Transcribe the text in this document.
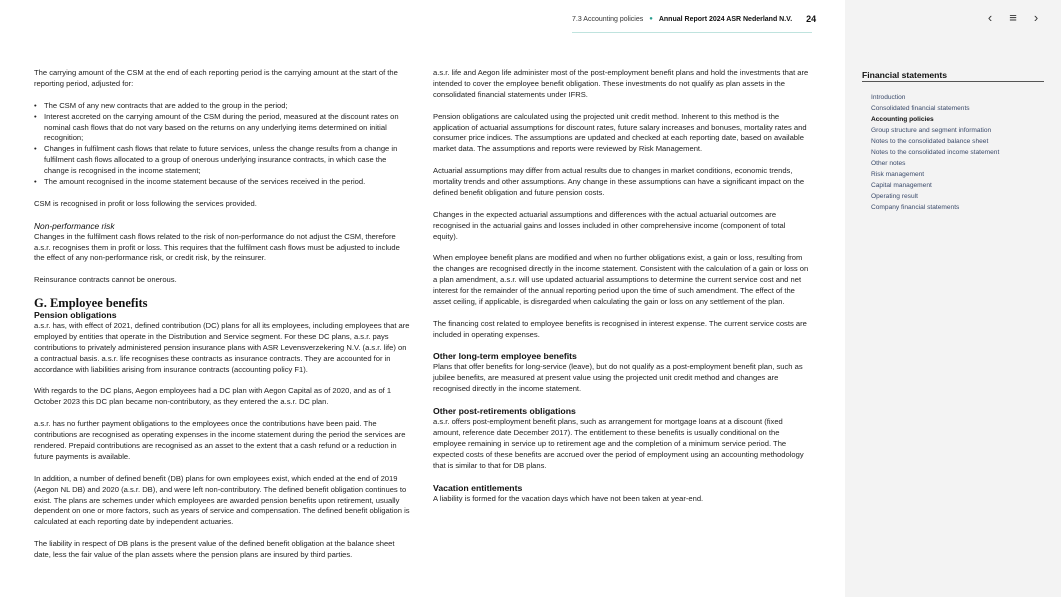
7.3 Accounting policies ● Annual Report 2024 ASR Nederland N.V. 24

The carrying amount of the CSM at the end of each reporting period is the carrying amount at the start of the reporting period, adjusted for:

• The CSM of any new contracts that are added to the group in the period;
• Interest accreted on the carrying amount of the CSM during the period, measured at the discount rates on nominal cash flows that do not vary based on the returns on any underlying items determined on initial recognition;
• Changes in fulfilment cash flows that relate to future services, unless the change results from a change in fulfilment cash flows allocated to a group of onerous underlying insurance contracts, in which case the change is recognised in the income statement;
• The amount recognised in the income statement because of the services received in the period.

CSM is recognised in profit or loss following the services provided.

Non-performance risk

Changes in the fulfilment cash flows related to the risk of non-performance do not adjust the CSM, therefore a.s.r. recognises them in profit or loss. This requires that the fulfilment cash flows must be adjusted to include the effect of any non-performance risk, or credit risk, by the reinsurer.

Reinsurance contracts cannot be onerous.

G. Employee benefits
Pension obligations

a.s.r. has, with effect of 2021, defined contribution (DC) plans for all its employees, including employees that are employed by entities that operate in the Distribution and Service segment. For these DC plans, a.s.r. pays contributions to privately administered pension insurance plans with ASR Levensverzekering N.V. (a.s.r. life) on a contractual basis. a.s.r. life recognises these contracts as insurance contracts. They are accounted for in accordance with liabilities arising from insurance contracts (accounting policy F1).

With regards to the DC plans, Aegon employees had a DC plan with Aegon Capital as of 2020, and as of 1 October 2023 this DC plan became non-contributory, as they entered the a.s.r. DC plan.

a.s.r. has no further payment obligations to the employees once the contributions have been paid. The contributions are recognised as operating expenses in the income statement during the period the services are rendered. Prepaid contributions are recognised as an asset to the extent that a cash refund or a reduction in future payments is available.

In addition, a number of defined benefit (DB) plans for own employees exist, which ended at the end of 2019 (Aegon NL DB) and 2020 (a.s.r. DB), and were left non-contributory. The defined benefit obligation continues to exist. The plans are schemes under which employees are awarded pension benefits upon retirement, usually dependent on one or more factors, such as years of service and compensation. The defined benefit obligation is calculated at each reporting date by independent actuaries.

The liability in respect of DB plans is the present value of the defined benefit obligation at the balance sheet date, less the fair value of the plan assets where the pension plans are insured by third parties.

a.s.r. life and Aegon life administer most of the post-employment benefit plans and hold the investments that are intended to cover the employee benefit obligation. These investments do not qualify as plan assets in the consolidated financial statements under IFRS.

Pension obligations are calculated using the projected unit credit method. Inherent to this method is the application of actuarial assumptions for discount rates, future salary increases and bonuses, mortality rates and consumer price indices. The assumptions are updated and checked at each reporting date, based on available market data. The assumptions and reports were reviewed by Risk Management.

Actuarial assumptions may differ from actual results due to changes in market conditions, economic trends, mortality trends and other assumptions. Any change in these assumptions can have a significant impact on the defined benefit obligation and future pension costs.

Changes in the expected actuarial assumptions and differences with the actual actuarial outcomes are recognised in the actuarial gains and losses included in other comprehensive income (component of total equity).

When employee benefit plans are modified and when no further obligations exist, a gain or loss, resulting from the changes are recognised directly in the income statement. Consistent with the calculation of a gain or loss on a plan amendment, a.s.r. will use updated actuarial assumptions to determine the current service cost and net interest for the remainder of the annual reporting period upon the time of such amendment. The effect of the asset ceiling, if applicable, is disregarded when calculating the gain or loss on any settlement of the plan.

The financing cost related to employee benefits is recognised in interest expense. The current service costs are included in operating expenses.

Other long-term employee benefits

Plans that offer benefits for long-service (leave), but do not qualify as a post-employment benefit plan, such as jubilee benefits, are measured at present value using the projected unit credit method and changes are recognised directly in the income statement.

Other post-retirements obligations

a.s.r. offers post-employment benefit plans, such as arrangement for mortgage loans at a discount (fixed amount, reference date December 2017). The entitlement to these benefits is usually conditional on the employee remaining in service up to retirement age and the completion of a minimum service period. The expected costs of these benefits are accrued over the period of employment using an accounting methodology that is similar to that for DB plans.

Vacation entitlements

A liability is formed for the vacation days which have not been taken at year-end.

‹ ≡ ›
Financial statements
Introduction
Consolidated financial statements
Accounting policies
Group structure and segment information
Notes to the consolidated balance sheet
Notes to the consolidated income statement
Other notes
Risk management
Capital management
Operating result
Company financial statements
